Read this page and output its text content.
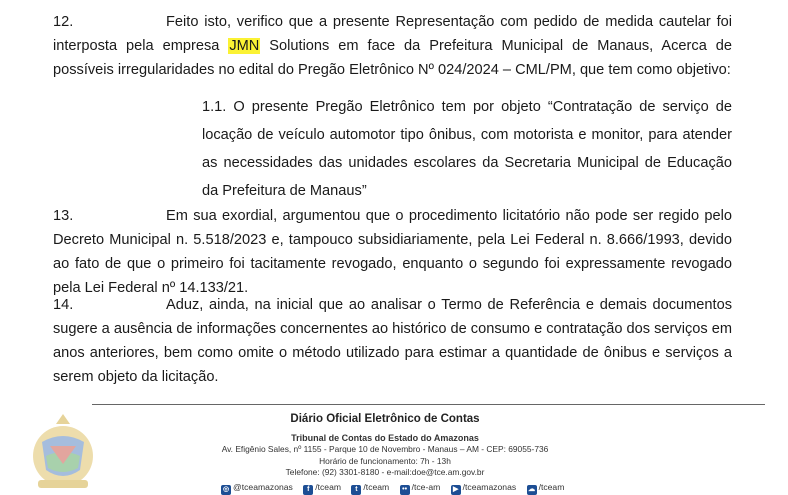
12.	Feito isto, verifico que a presente Representação com pedido de medida cautelar foi interposta pela empresa JMN Solutions em face da Prefeitura Municipal de Manaus, Acerca de possíveis irregularidades no edital do Pregão Eletrônico Nº 024/2024 – CML/PM, que tem como objetivo:
1.1. O presente Pregão Eletrônico tem por objeto “Contratação de serviço de locação de veículo automotor tipo ônibus, com motorista e monitor, para atender as necessidades das unidades escolares da Secretaria Municipal de Educação da Prefeitura de Manaus”
13.	Em sua exordial, argumentou que o procedimento licitatório não pode ser regido pelo Decreto Municipal n. 5.518/2023 e, tampouco subsidiariamente, pela Lei Federal n. 8.666/1993, devido ao fato de que o primeiro foi tacitamente revogado, enquanto o segundo foi expressamente revogado pela Lei Federal nº 14.133/21.
14.	Aduz, ainda, na inicial que ao analisar o Termo de Referência e demais documentos sugere a ausência de informações concernentes ao histórico de consumo e contratação dos serviços em anos anteriores, bem como omite o método utilizado para estimar a quantidade de ônibus e serviços a serem objeto da licitação.
Diário Oficial Eletrônico de Contas
Tribunal de Contas do Estado do Amazonas
Av. Efigênio Sales, nº 1155 - Parque 10 de Novembro - Manaus – AM - CEP: 69055-736
Horário de funcionamento: 7h - 13h
Telefone: (92) 3301-8180 - e-mail:doe@tce.am.gov.br
◎ @tceamazonas f /tceam t /tceam •• /tce-am ▶ /tceamazonas ☁ /tceam
